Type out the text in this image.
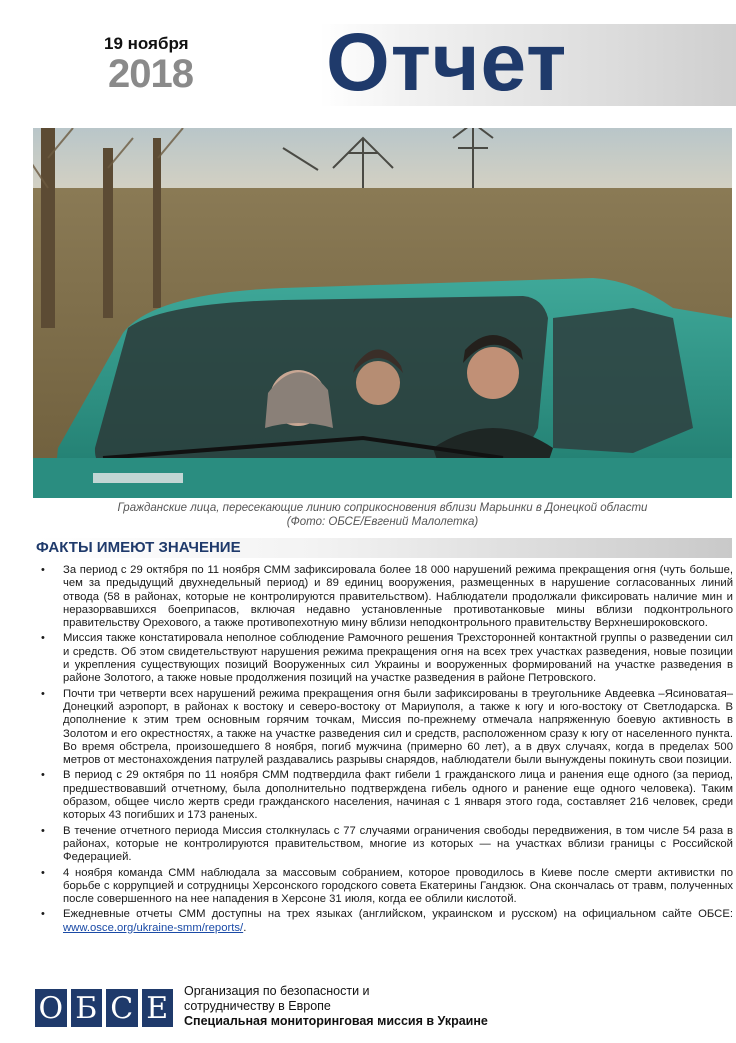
19 ноября
2018 Отчет
Гражданские лица, пересекающие линию соприкосновения вблизи Марьинки в Донецкой области
(Фото: ОБСЕ/Евгений Малолетка)
ФАКТЫ ИМЕЮТ ЗНАЧЕНИЕ
• За период с 29 октября по 11 ноября СММ зафиксировала более 18 000 нарушений режима прекращения огня (чуть больше, чем за предыдущий двухнедельный период) и 89 единиц вооружения, размещенных в нарушение согласованных линий отвода (58 в районах, которые не контролируются правительством). Наблюдатели продолжали фиксировать наличие мин и неразорвавшихся боеприпасов, включая недавно установленные противотанковые мины вблизи подконтрольного правительству Орехового, а также противопехотную мину вблизи неподконтрольного правительству Верхнешироковского.
• Миссия также констатировала неполное соблюдение Рамочного решения Трехсторонней контактной группы о разведении сил и средств. Об этом свидетельствуют нарушения режима прекращения огня на всех трех участках разведения, новые позиции и укрепления существующих позиций Вооруженных сил Украины и вооруженных формирований на участке разведения в районе Золотого, а также новые продолжения позиций на участке разведения в районе Петровского.
• Почти три четверти всех нарушений режима прекращения огня были зафиксированы в треугольнике Авдеевка –Ясиноватая–Донецкий аэропорт, в районах к востоку и северо-востоку от Мариуполя, а также к югу и юго-востоку от Светлодарска. В дополнение к этим трем основным горячим точкам, Миссия по-прежнему отмечала напряженную боевую активность в Золотом и его окрестностях, а также на участке разведения сил и средств, расположенном сразу к югу от населенного пункта. Во время обстрела, произошедшего 8 ноября, погиб мужчина (примерно 60 лет), а в двух случаях, когда в пределах 500 метров от местонахождения патрулей раздавались разрывы снарядов, наблюдатели были вынуждены покинуть свои позиции.
• В период с 29 октября по 11 ноября СММ подтвердила факт гибели 1 гражданского лица и ранения еще одного (за период, предшествовавший отчетному, была дополнительно подтверждена гибель одного и ранение еще одного человека). Таким образом, общее число жертв среди гражданского населения, начиная с 1 января этого года, составляет 216 человек, среди которых 43 погибших и 173 раненых.
• В течение отчетного периода Миссия столкнулась с 77 случаями ограничения свободы передвижения, в том числе 54 раза в районах, которые не контролируются правительством, многие из которых — на участках вблизи границы с Российской Федерацией.
• 4 ноября команда СММ наблюдала за массовым собранием, которое проводилось в Киеве после смерти активистки по борьбе с коррупцией и сотрудницы Херсонского городского совета Екатерины Гандзюк. Она скончалась от травм, полученных после совершенного на нее нападения в Херсоне 31 июля, когда ее облили кислотой.
• Ежедневные отчеты СММ доступны на трех языках (английском, украинском и русском) на официальном сайте ОБСЕ: www.osce.org/ukraine-smm/reports/.
О Б С Е	Организация по безопасности и
сотрудничеству в Европе
Специальная мониторинговая миссия в Украине
